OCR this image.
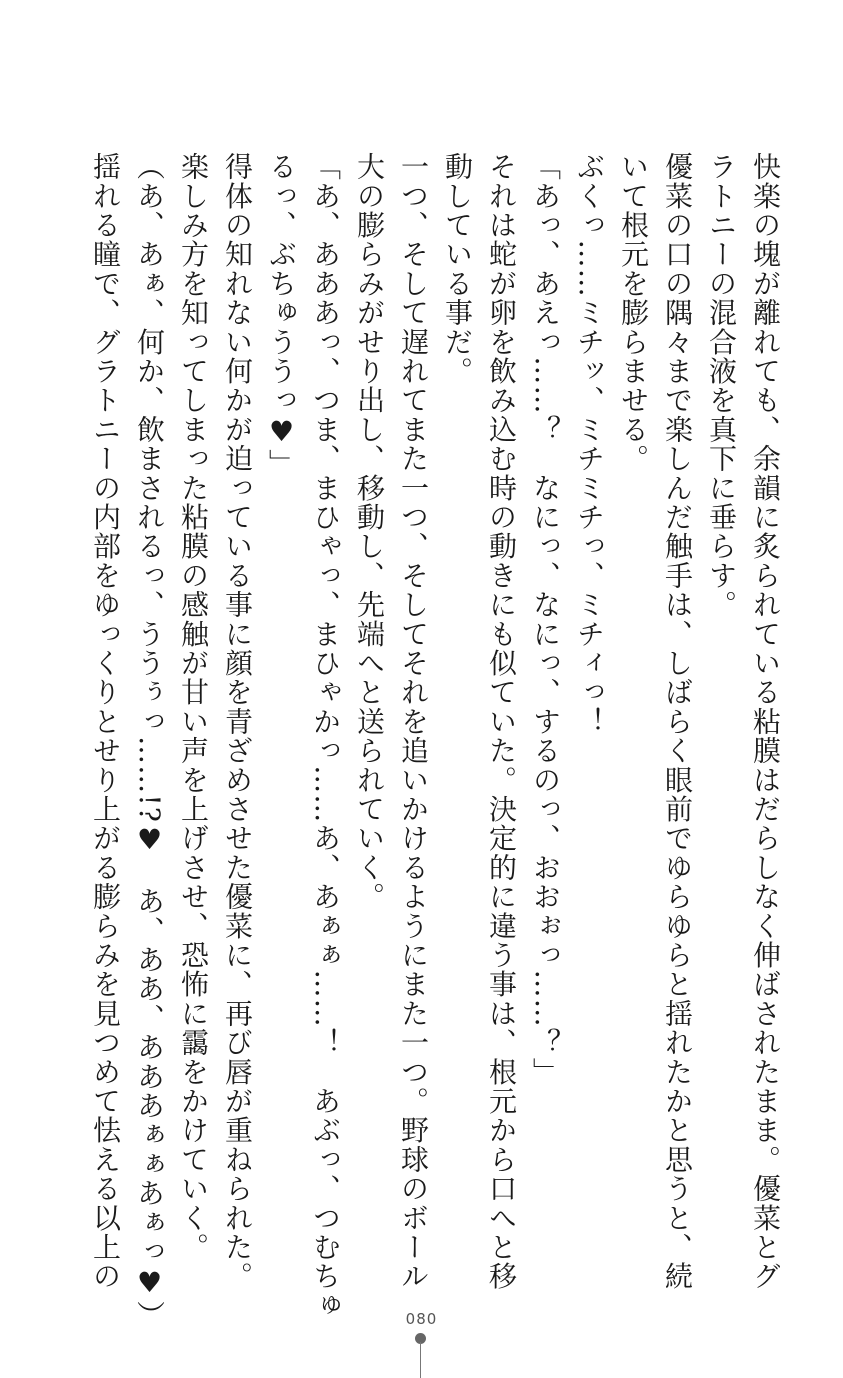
快楽の塊が離れても、余韻に炙られている粘膜はだらしなく伸ばされたまま。優菜とグ

ラトニーの混合液を真下に垂らす。

優菜の口の隅々まで楽しんだ触手は、しばらく眼前でゆらゆらと揺れたかと思うと、続

いて根元を膨らませる。

ぶくっ……ミチッ、ミチミチっ、ミチィっ！

「あっ、あえっ……？　なにっ、なにっ、するのっ、おおぉっ……？」

それは蛇が卵を飲み込む時の動きにも似ていた。決定的に違う事は、根元から口へと移

動している事だ。

一つ、そして遅れてまた一つ、そしてそれを追いかけるようにまた一つ。野球のボール

大の膨らみがせり出し、移動し、先端へと送られていく。

「あ、あああっ、つま、まひゃっ、まひゃかっ……あ、あぁぁ……！　あぶっ、つむちゅ

るっ、ぶちゅううっ♥」

得体の知れない何かが迫っている事に顔を青ざめさせた優菜に、再び唇が重ねられた。

楽しみ方を知ってしまった粘膜の感触が甘い声を上げさせ、恐怖に靄をかけていく。

（あ、あぁ、何か、飲まされるっ、ううぅっ……!?♥　あ、ああ、あああぁぁあぁっ♥）

揺れる瞳で、グラトニーの内部をゆっくりとせり上がる膨らみを見つめて怯える以上の

080
